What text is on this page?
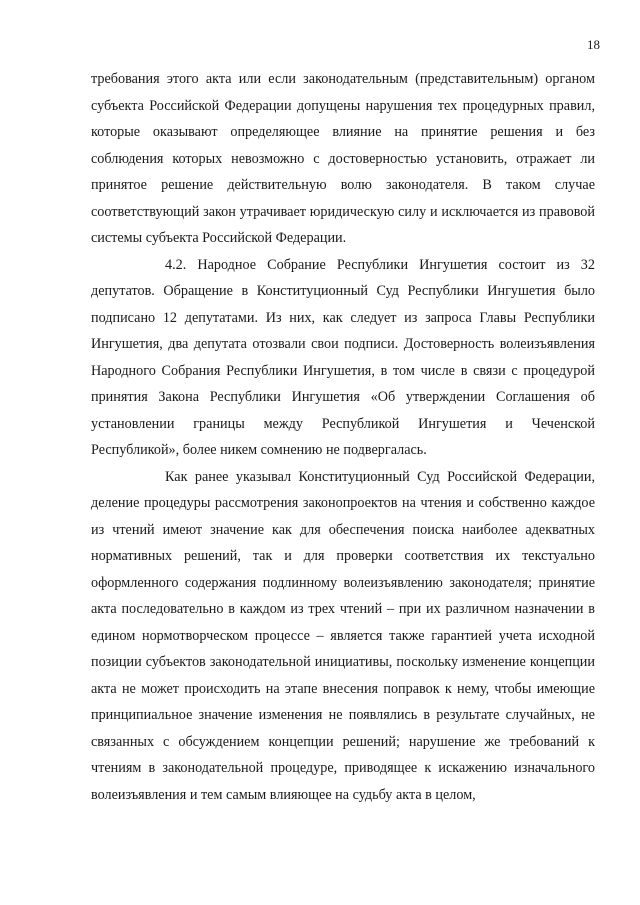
18

требования этого акта или если законодательным (представительным) органом субъекта Российской Федерации допущены нарушения тех процедурных правил, которые оказывают определяющее влияние на принятие решения и без соблюдения которых невозможно с достоверностью установить, отражает ли принятое решение действительную волю законодателя. В таком случае соответствующий закон утрачивает юридическую силу и исключается из правовой системы субъекта Российской Федерации.

4.2. Народное Собрание Республики Ингушетия состоит из 32 депутатов. Обращение в Конституционный Суд Республики Ингушетия было подписано 12 депутатами. Из них, как следует из запроса Главы Республики Ингушетия, два депутата отозвали свои подписи. Достоверность волеизъявления Народного Собрания Республики Ингушетия, в том числе в связи с процедурой принятия Закона Республики Ингушетия «Об утверждении Соглашения об установлении границы между Республикой Ингушетия и Чеченской Республикой», более никем сомнению не подвергалась.

Как ранее указывал Конституционный Суд Российской Федерации, деление процедуры рассмотрения законопроектов на чтения и собственно каждое из чтений имеют значение как для обеспечения поиска наиболее адекватных нормативных решений, так и для проверки соответствия их текстуально оформленного содержания подлинному волеизъявлению законодателя; принятие акта последовательно в каждом из трех чтений – при их различном назначении в едином нормотворческом процессе – является также гарантией учета исходной позиции субъектов законодательной инициативы, поскольку изменение концепции акта не может происходить на этапе внесения поправок к нему, чтобы имеющие принципиальное значение изменения не появлялись в результате случайных, не связанных с обсуждением концепции решений; нарушение же требований к чтениям в законодательной процедуре, приводящее к искажению изначального волеизъявления и тем самым влияющее на судьбу акта в целом,
